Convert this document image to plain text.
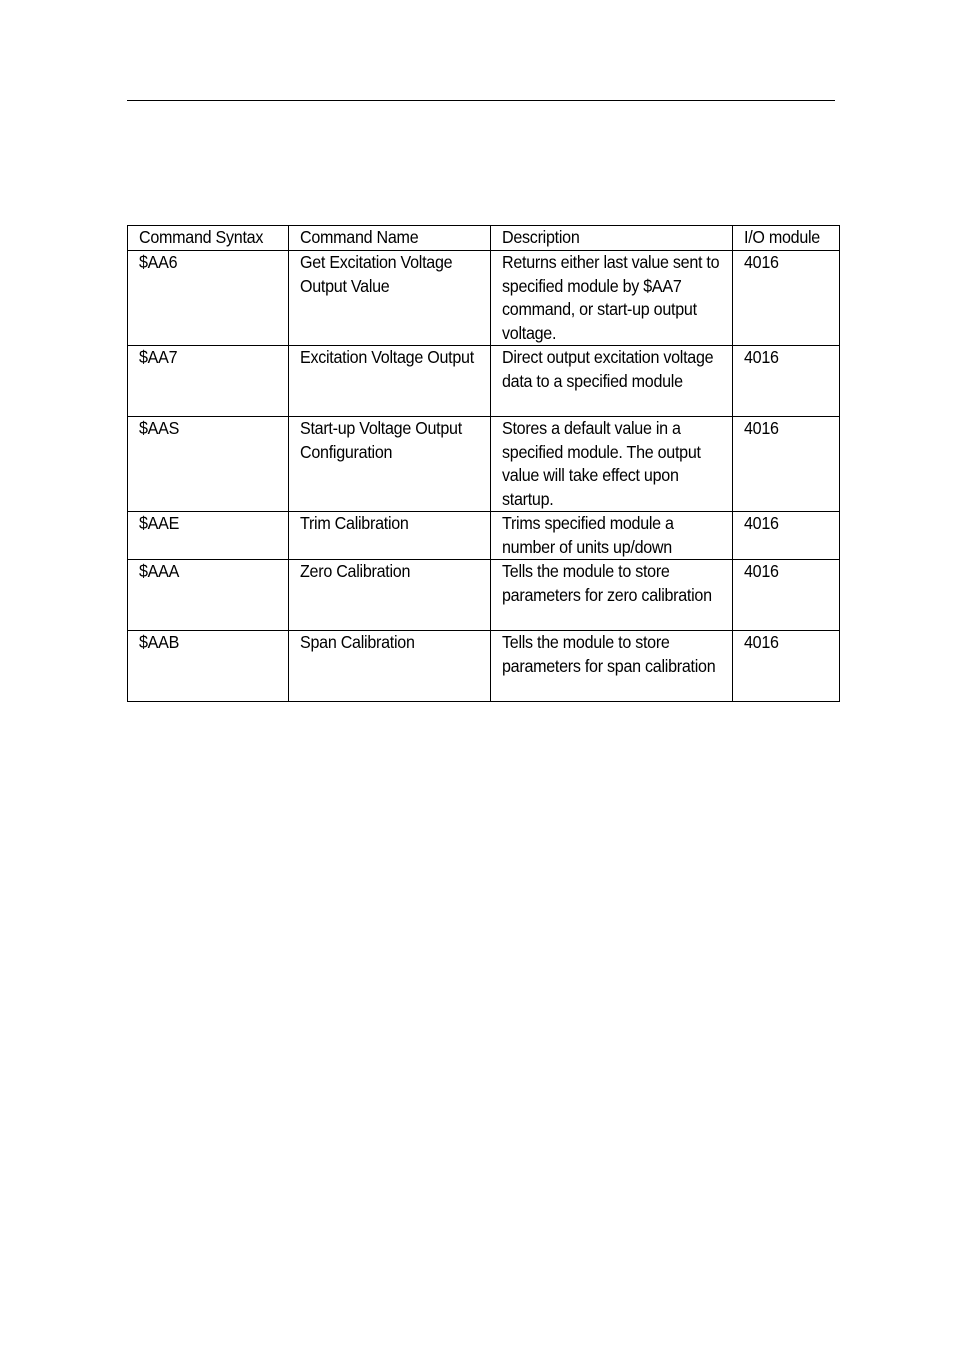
Command Syntax	Command Name	Description	I/O module

$AA6	Get Excitation Voltage Output Value	Returns either last value sent to specified module by $AA7 command, or start-up output voltage.	4016

$AA7	Excitation Voltage Output	Direct output excitation voltage data to a specified module	4016

$AAS	Start-up Voltage Output Configuration	Stores a default value in a specified module. The output value will take effect upon startup.	4016

$AAE	Trim Calibration	Trims specified module a number of units up/down	4016

$AAA	Zero Calibration	Tells the module to store parameters for zero calibration	4016

$AAB	Span Calibration	Tells the module to store parameters for span calibration	4016
